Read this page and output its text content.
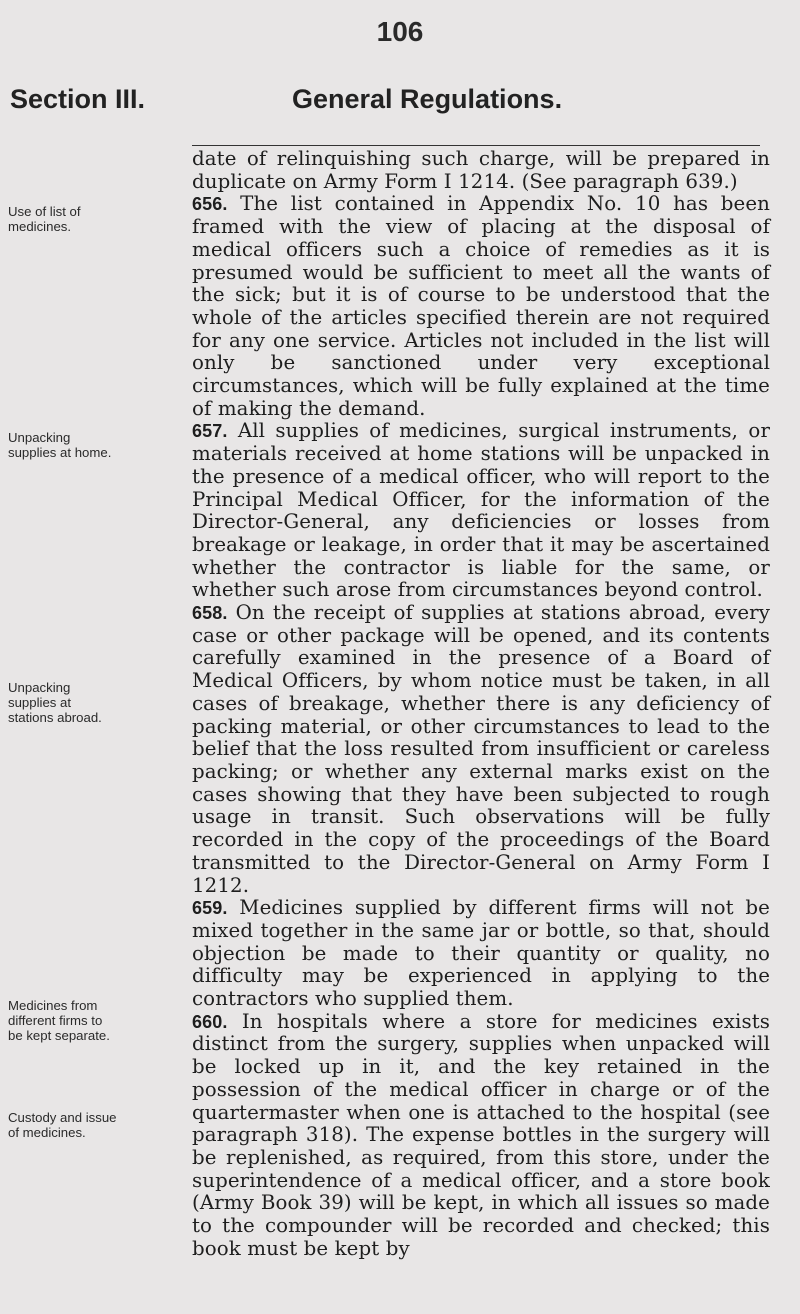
106
Section III.	General Regulations.
Use of list of medicines.
Unpacking supplies at home.
Unpacking supplies at stations abroad.
Medicines from different firms to be kept separate.
Custody and issue of medicines.

date of relinquishing such charge, will be prepared in duplicate on Army Form I 1214. (See paragraph 639.)

656. The list contained in Appendix No. 10 has been framed with the view of placing at the disposal of medical officers such a choice of remedies as it is presumed would be sufficient to meet all the wants of the sick; but it is of course to be understood that the whole of the articles specified therein are not required for any one service. Articles not included in the list will only be sanctioned under very exceptional circumstances, which will be fully explained at the time of making the demand.

657. All supplies of medicines, surgical instruments, or materials received at home stations will be unpacked in the presence of a medical officer, who will report to the Principal Medical Officer, for the information of the Director-General, any deficiencies or losses from breakage or leakage, in order that it may be ascertained whether the contractor is liable for the same, or whether such arose from circumstances beyond control.

658. On the receipt of supplies at stations abroad, every case or other package will be opened, and its contents carefully examined in the presence of a Board of Medical Officers, by whom notice must be taken, in all cases of breakage, whether there is any deficiency of packing material, or other circumstances to lead to the belief that the loss resulted from insufficient or careless packing; or whether any external marks exist on the cases showing that they have been subjected to rough usage in transit. Such observations will be fully recorded in the copy of the proceedings of the Board transmitted to the Director-General on Army Form I 1212.

659. Medicines supplied by different firms will not be mixed together in the same jar or bottle, so that, should objection be made to their quantity or quality, no difficulty may be experienced in applying to the contractors who supplied them.

660. In hospitals where a store for medicines exists distinct from the surgery, supplies when unpacked will be locked up in it, and the key retained in the possession of the medical officer in charge or of the quartermaster when one is attached to the hospital (see paragraph 318). The expense bottles in the surgery will be replenished, as required, from this store, under the superintendence of a medical officer, and a store book (Army Book 39) will be kept, in which all issues so made to the compounder will be recorded and checked; this book must be kept by
